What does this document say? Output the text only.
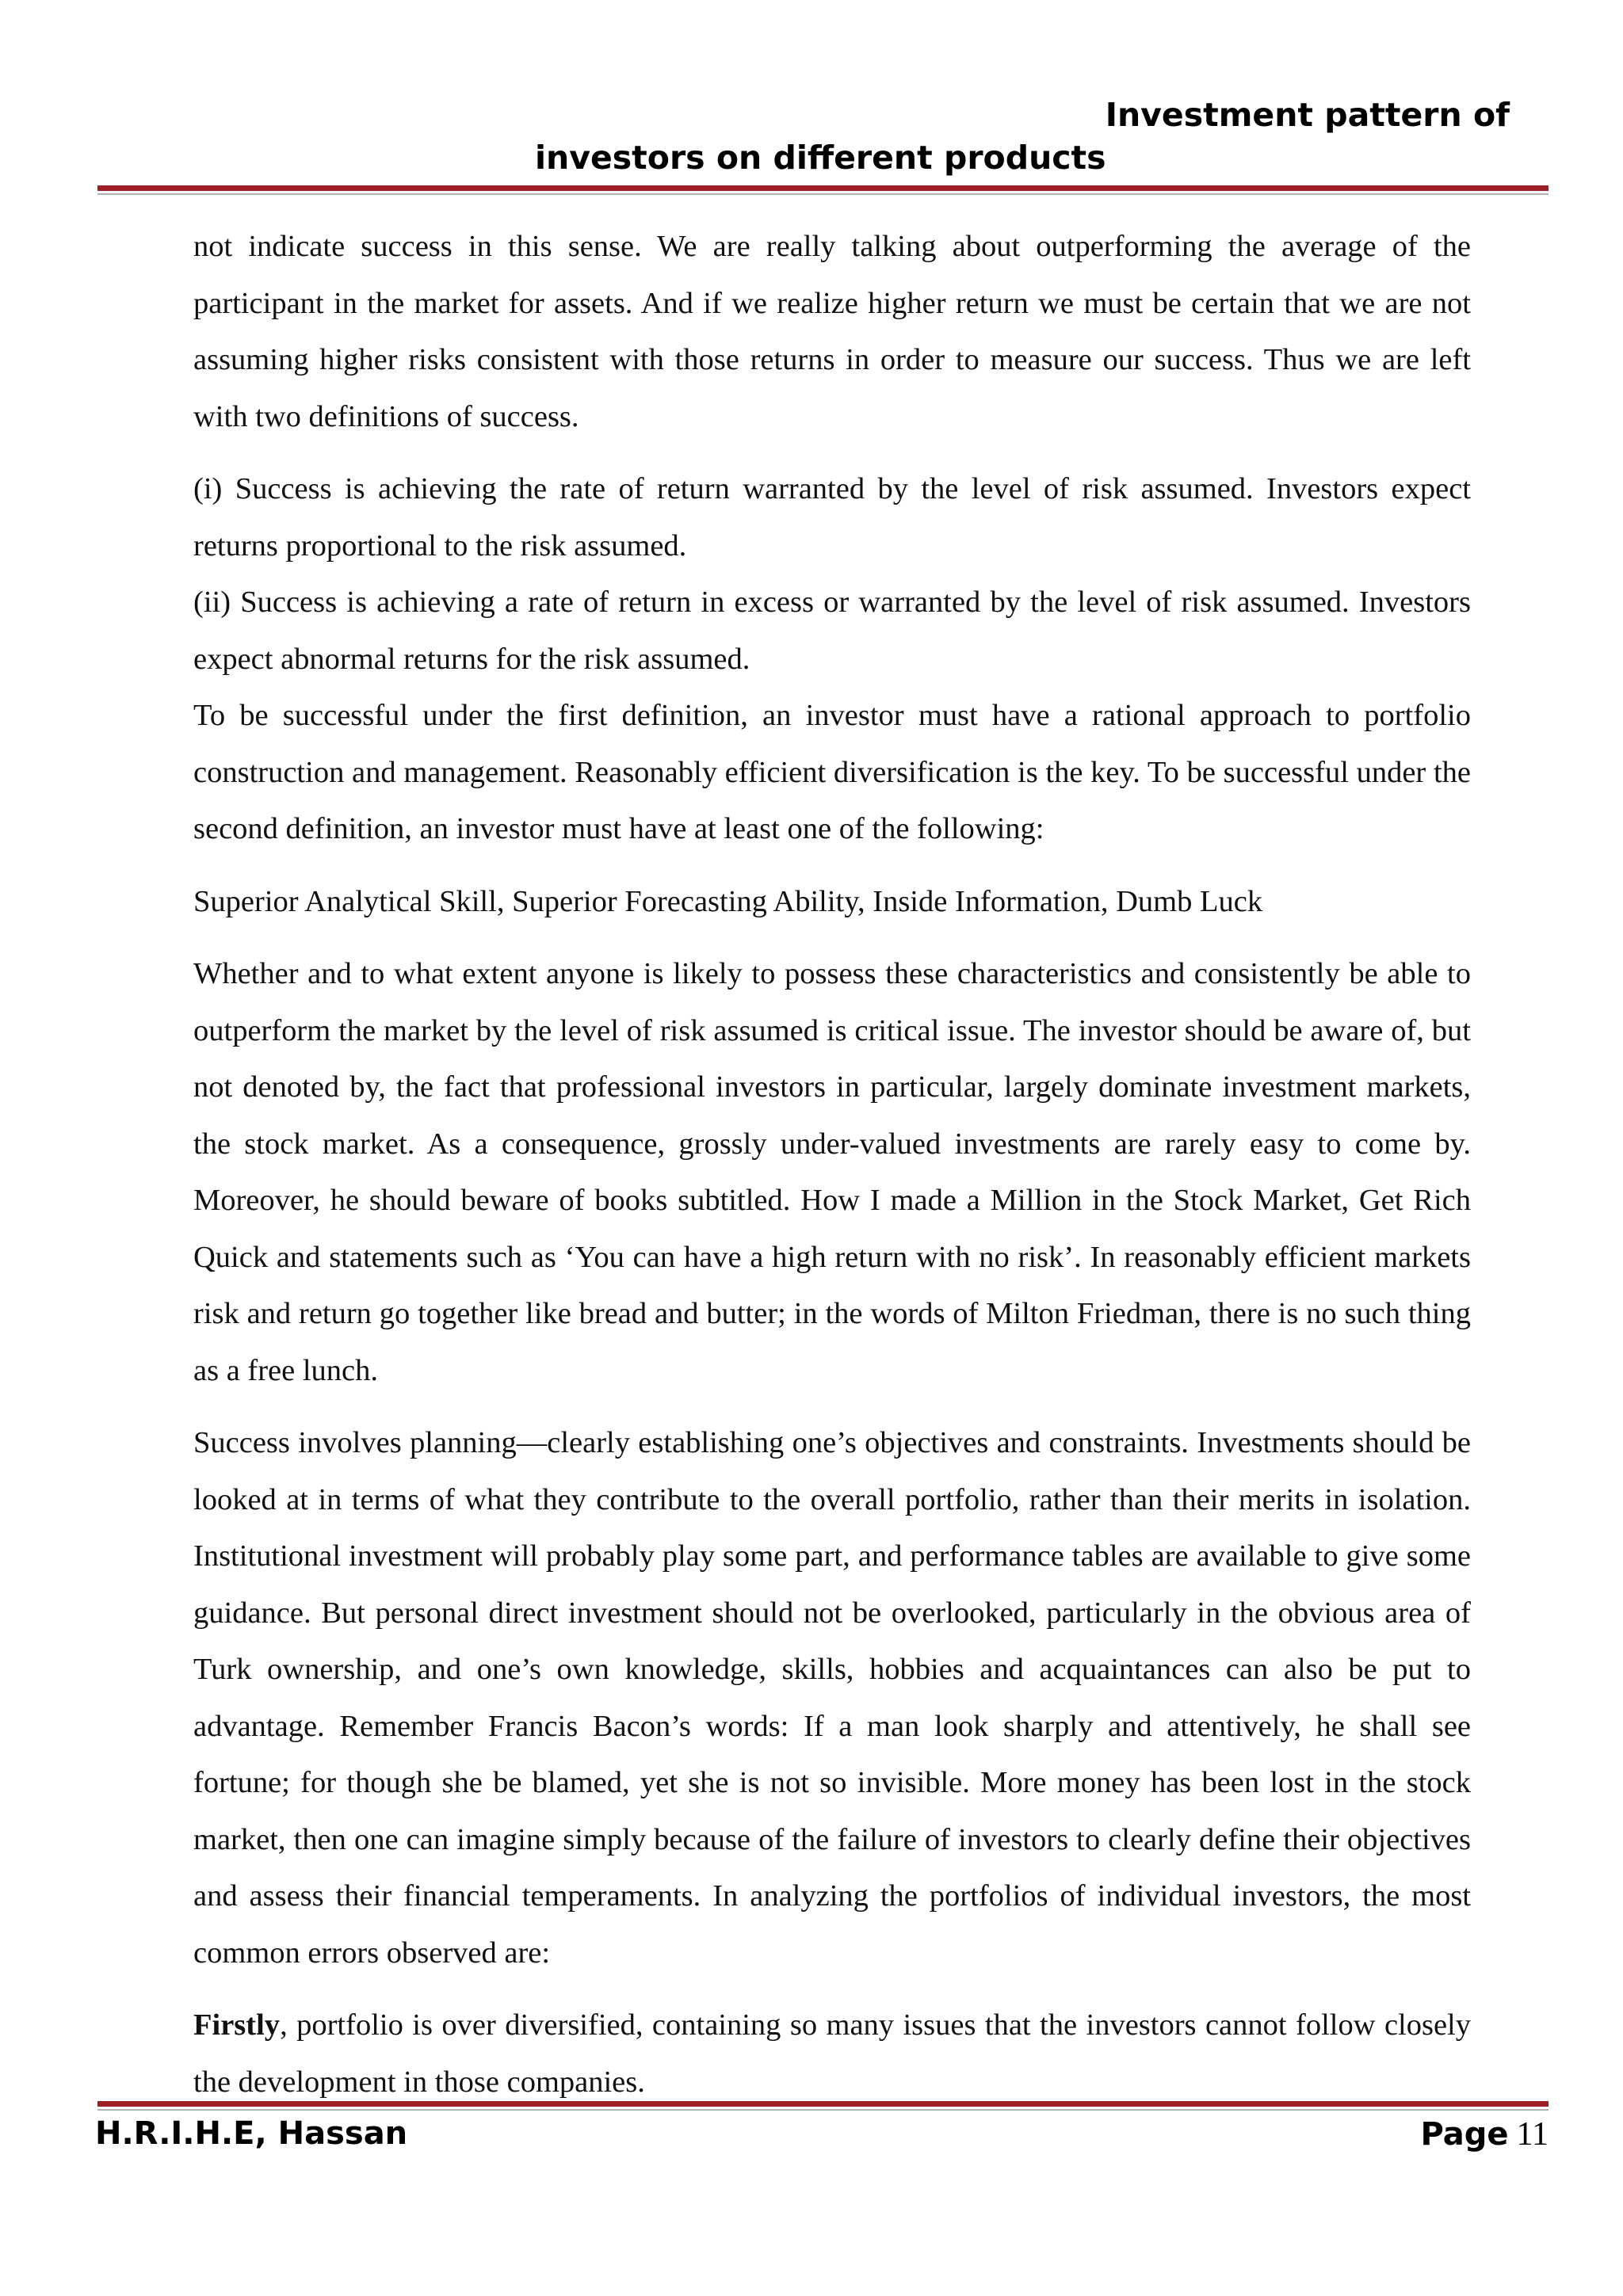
Investment pattern of
investors on different products

not indicate success in this sense. We are really talking about outperforming the average of the participant in the market for assets. And if we realize higher return we must be certain that we are not assuming higher risks consistent with those returns in order to measure our success. Thus we are left with two definitions of success.

(i) Success is achieving the rate of return warranted by the level of risk assumed. Investors expect returns proportional to the risk assumed.

(ii) Success is achieving a rate of return in excess or warranted by the level of risk assumed. Investors expect abnormal returns for the risk assumed.

To be successful under the first definition, an investor must have a rational approach to portfolio construction and management. Reasonably efficient diversification is the key. To be successful under the second definition, an investor must have at least one of the following:

Superior Analytical Skill, Superior Forecasting Ability, Inside Information, Dumb Luck

Whether and to what extent anyone is likely to possess these characteristics and consistently be able to outperform the market by the level of risk assumed is critical issue. The investor should be aware of, but not denoted by, the fact that professional investors in particular, largely dominate investment markets, the stock market. As a consequence, grossly under-valued investments are rarely easy to come by. Moreover, he should beware of books subtitled. How I made a Million in the Stock Market, Get Rich Quick and statements such as ‘You can have a high return with no risk’. In reasonably efficient markets risk and return go together like bread and butter; in the words of Milton Friedman, there is no such thing as a free lunch.

Success involves planning—clearly establishing one’s objectives and constraints. Investments should be looked at in terms of what they contribute to the overall portfolio, rather than their merits in isolation. Institutional investment will probably play some part, and performance tables are available to give some guidance. But personal direct investment should not be overlooked, particularly in the obvious area of Turk ownership, and one’s own knowledge, skills, hobbies and acquaintances can also be put to advantage. Remember Francis Bacon’s words: If a man look sharply and attentively, he shall see fortune; for though she be blamed, yet she is not so invisible. More money has been lost in the stock market, then one can imagine simply because of the failure of investors to clearly define their objectives and assess their financial temperaments. In analyzing the portfolios of individual investors, the most common errors observed are:

Firstly, portfolio is over diversified, containing so many issues that the investors cannot follow closely the development in those companies.

H.R.I.H.E, Hassan	Page 11
